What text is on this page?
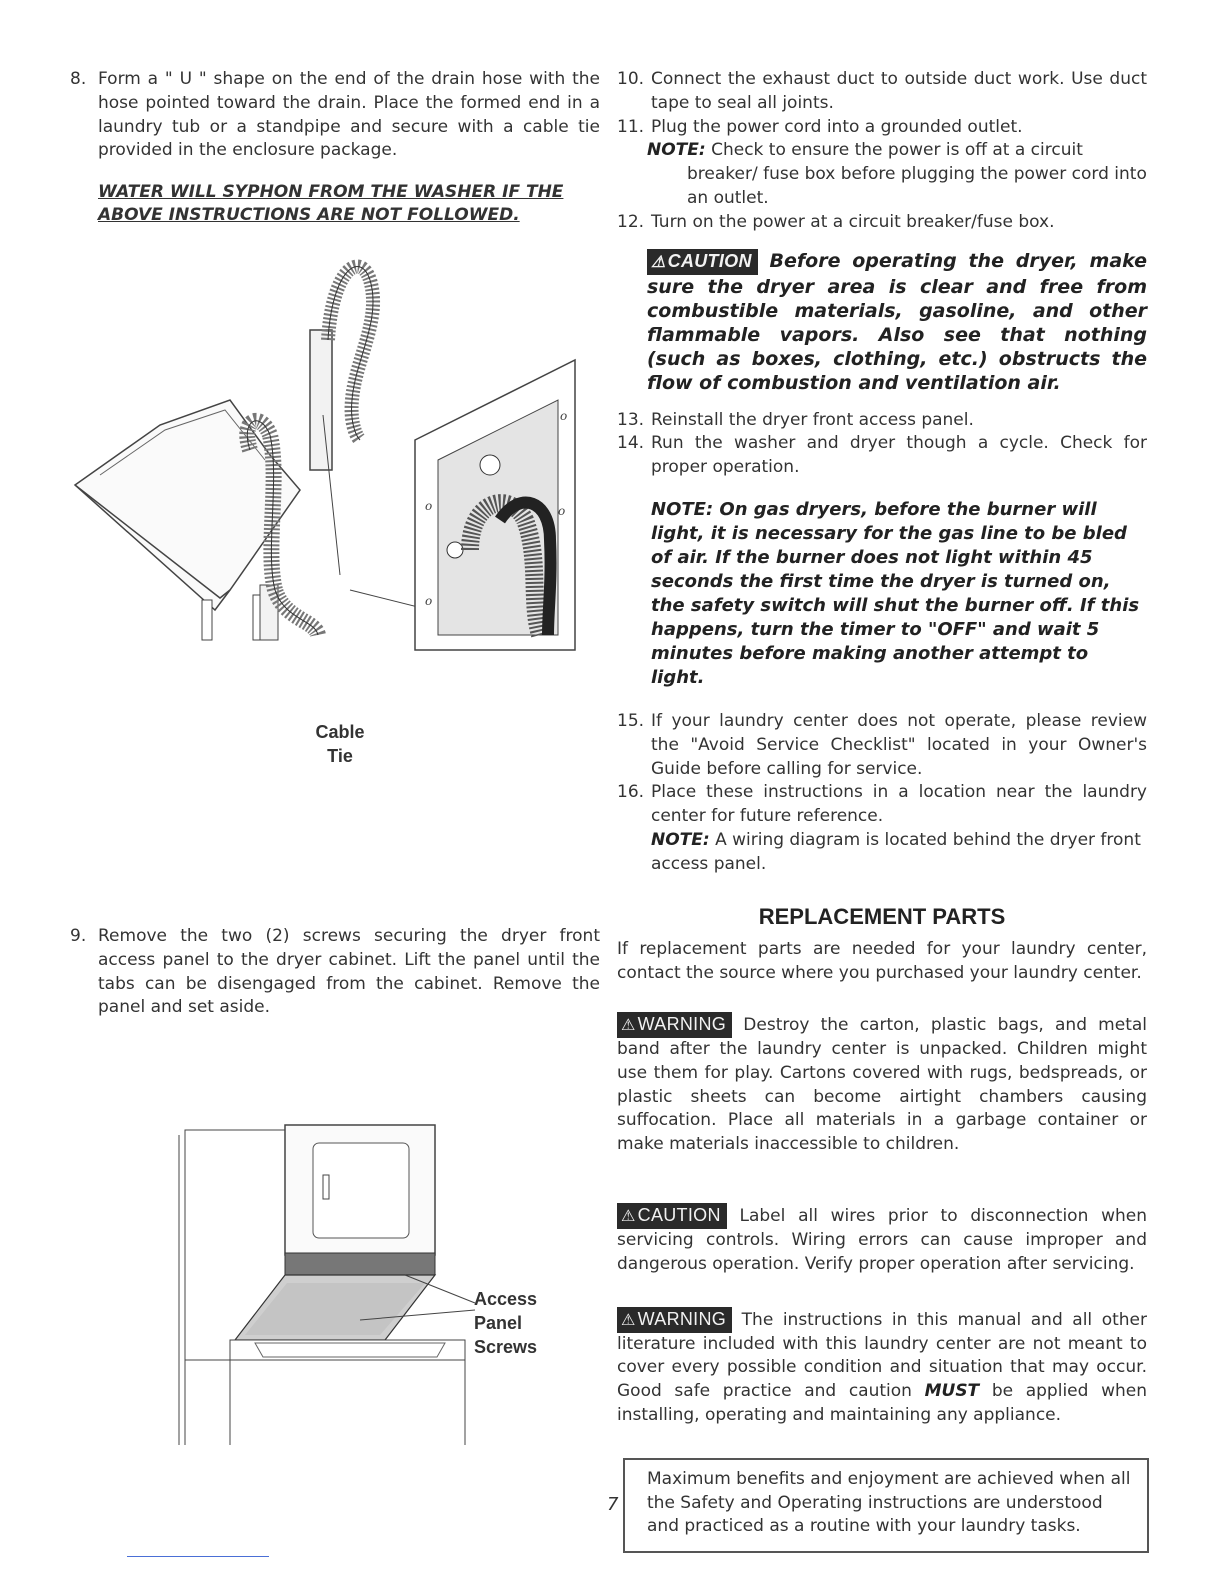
8. Form a " U " shape on the end of the drain hose with the hose pointed toward the drain. Place the formed end in a laundry tub or a standpipe and secure with a cable tie provided in the enclosure package.

WATER WILL SYPHON FROM THE WASHER IF THE ABOVE INSTRUCTIONS ARE NOT FOLLOWED.

o
o
o
o
Cable
Tie
9. Remove the two (2) screws securing the dryer front access panel to the dryer cabinet. Lift the panel until the tabs can be disengaged from the cabinet. Remove the panel and set aside.
Access
Panel
Screws
10. Connect the exhaust duct to outside duct work. Use duct tape to seal all joints.
11. Plug the power cord into a grounded outlet.

NOTE: Check to ensure the power is off at a circuit breaker/ fuse box before plugging the power cord into an outlet.

12. Turn on the power at a circuit breaker/fuse box.
⚠ CAUTION Before operating the dryer, make sure the dryer area is clear and free from combustible materials, gasoline, and other flammable vapors. Also see that nothing (such as boxes, clothing, etc.) obstructs the flow of combustion and ventilation air.
13. Reinstall the dryer front access panel.
14. Run the washer and dryer though a cycle. Check for proper operation.

NOTE: On gas dryers, before the burner will light, it is necessary for the gas line to be bled of air. If the burner does not light within 45 seconds the first time the dryer is turned on, the safety switch will shut the burner off. If this happens, turn the timer to "OFF" and wait 5 minutes before making another attempt to light.

15. If your laundry center does not operate, please review the "Avoid Service Checklist" located in your Owner's Guide before calling for service.
16. Place these instructions in a location near the laundry center for future reference.

NOTE: A wiring diagram is located behind the dryer front access panel.

REPLACEMENT PARTS

If replacement parts are needed for your laundry center, contact the source where you purchased your laundry center.

⚠ WARNING Destroy the carton, plastic bags, and metal band after the laundry center is unpacked. Children might use them for play. Cartons covered with rugs, bedspreads, or plastic sheets can become airtight chambers causing suffocation. Place all materials in a garbage container or make materials inaccessible to children.

⚠ CAUTION Label all wires prior to disconnection when servicing controls. Wiring errors can cause improper and dangerous operation. Verify proper operation after servicing.

⚠ WARNING The instructions in this manual and all other literature included with this laundry center are not meant to cover every possible condition and situation that may occur. Good safe practice and caution MUST be applied when installing, operating and maintaining any appliance.

Maximum benefits and enjoyment are achieved when all the Safety and Operating instructions are understood and practiced as a routine with your laundry tasks.
7
